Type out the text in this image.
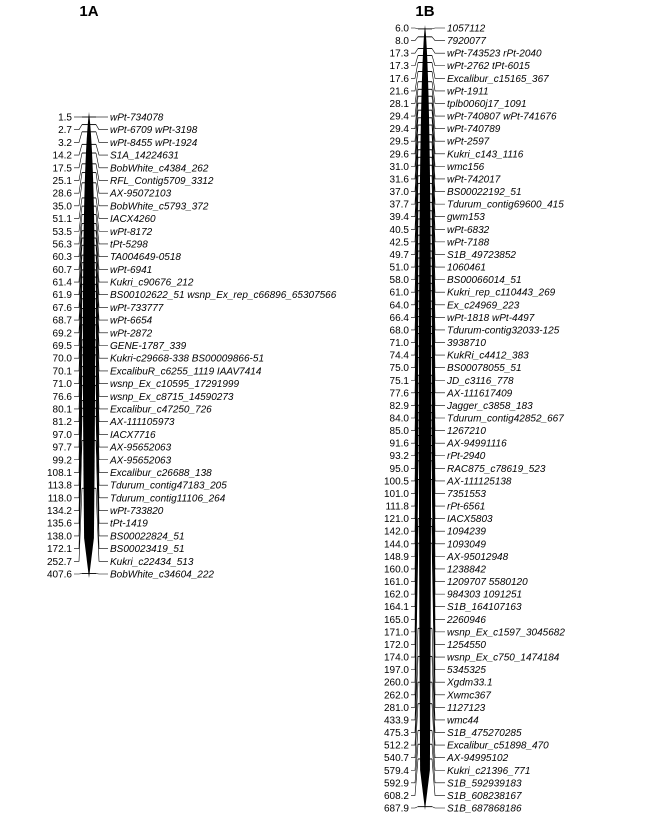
1A
1.5	wPt-734078
2.7	wPt-6709 wPt-3198
3.2	wPt-8455 wPt-1924
14.2	S1A_14224631
17.5	BobWhite_c4384_262
25.1	RFL_Contig5709_3312
28.6	AX-95072103
35.0	BobWhite_c5793_372
51.1	IACX4260
53.5	wPt-8172
56.3	tPt-5298
60.3	TA004649-0518
60.7	wPt-6941
61.4	Kukri_c90676_212
61.9	BS00102622_51 wsnp_Ex_rep_c66896_65307566
67.6	wPt-733777
68.7	wPt-6654
69.2	wPt-2872
69.5	GENE-1787_339
70.0	Kukri-c29668-338 BS00009866-51
70.1	ExcalibuR_c6255_1119 IAAV7414
71.0	wsnp_Ex_c10595_17291999
76.6	wsnp_Ex_c8715_14590273
80.1	Excalibur_c47250_726
81.2	AX-111105973
97.0	IACX7716
97.7	AX-95652063
99.2	AX-95652063
108.1	Excalibur_c26688_138
113.8	Tdurum_contig47183_205
118.0	Tdurum_contig11106_264
134.2	wPt-733820
135.6	tPt-1419
138.0	BS00022824_51
172.1	BS00023419_51
252.7	Kukri_c22434_513
407.6	BobWhite_c34604_222
1B
6.0	1057112
8.0	7920077
17.3	wPt-743523 rPt-2040
17.3	wPt-2762 tPt-6015
17.6	Excalibur_c15165_367
21.6	wPt-1911
28.1	tplb0060j17_1091
29.4	wPt-740807 wPt-741676
29.4	wPt-740789
29.5	wPt-2597
29.6	Kukri_c143_1116
31.0	wmc156
31.6	wPt-742017
37.0	BS00022192_51
37.7	Tdurum_contig69600_415
39.4	gwm153
40.5	wPt-6832
42.5	wPt-7188
49.7	S1B_49723852
51.0	1060461
58.0	BS00066014_51
61.0	Kukri_rep_c110443_269
64.0	Ex_c24969_223
66.4	wPt-1818 wPt-4497
68.0	Tdurum-contig32033-125
71.0	3938710
74.4	KukRi_c4412_383
75.0	BS00078055_51
75.1	JD_c3116_778
77.6	AX-111617409
82.9	Jagger_c3858_183
84.0	Tdurum_contig42852_667
85.0	1267210
91.6	AX-94991116
93.2	rPt-2940
95.0	RAC875_c78619_523
100.5	AX-111125138
101.0	7351553
111.8	rPt-6561
121.0	IACX5803
142.0	1094239
144.0	1093049
148.9	AX-95012948
160.0	1238842
161.0	1209707 5580120
162.0	984303 1091251
164.1	S1B_164107163
165.0	2260946
171.0	wsnp_Ex_c1597_3045682
172.0	1254550
174.0	wsnp_Ex_c750_1474184
197.0	5345325
260.0	Xgdm33.1
262.0	Xwmc367
281.0	1127123
433.9	wmc44
475.3	S1B_475270285
512.2	Excalibur_c51898_470
540.7	AX-94995102
579.4	Kukri_c21396_771
592.9	S1B_592939183
608.2	S1B_608238167
687.9	S1B_687868186
